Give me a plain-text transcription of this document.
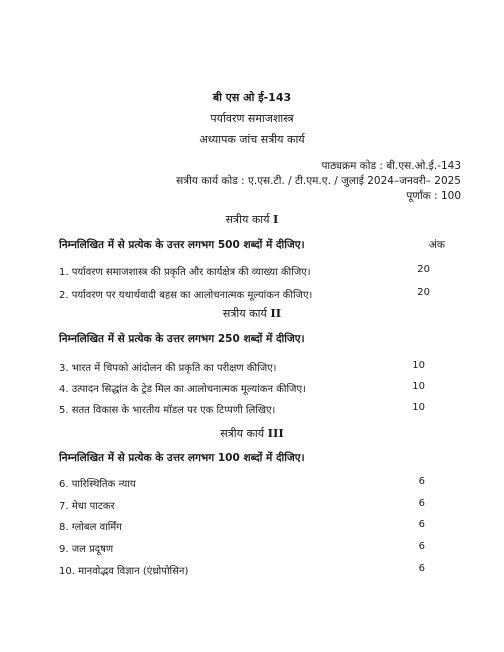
बी एस ओ ई-143
पर्यावरण समाजशास्त्र
अध्यापक जांच सत्रीय कार्य
पाठ्यक्रम कोड : बी.एस.ओ.ई.-143
सत्रीय कार्य कोड : ए.एस.टी. / टी.एम.ए. / जुलाई 2024–जनवरी– 2025
पूर्णांक : 100
सत्रीय कार्य I
निम्नलिखित में से प्रत्येक के उत्तर लगभग 500 शब्दों में दीजिए।	अंक
1. पर्यावरण समाजशास्त्र की प्रकृति और कार्यक्षेत्र की व्याख्या कीजिए।	20
2. पर्यावरण पर यथार्थवादी बहस का आलोचनात्मक मूल्यांकन कीजिए।	20
सत्रीय कार्य II
निम्नलिखित में से प्रत्येक के उत्तर लगभग 250 शब्दों में दीजिए।
3. भारत में चिपको आंदोलन की प्रकृति का परीक्षण कीजिए।	10
4. उत्पादन सिद्धांत के ट्रेड मिल का आलोचनात्मक मूल्यांकन कीजिए।	10
5. सतत विकास के भारतीय मॉडल पर एक टिप्पणी लिखिए।	10
सत्रीय कार्य III
निम्नलिखित में से प्रत्येक के उत्तर लगभग 100 शब्दों में दीजिए।
6. पारिस्थितिक न्याय	6
7. मेधा पाटकर	6
8. ग्लोबल वार्मिंग	6
9. जल प्रदूषण	6
10. मानवोद्भव विज्ञान (एंथ्रोपोसिन)	6
